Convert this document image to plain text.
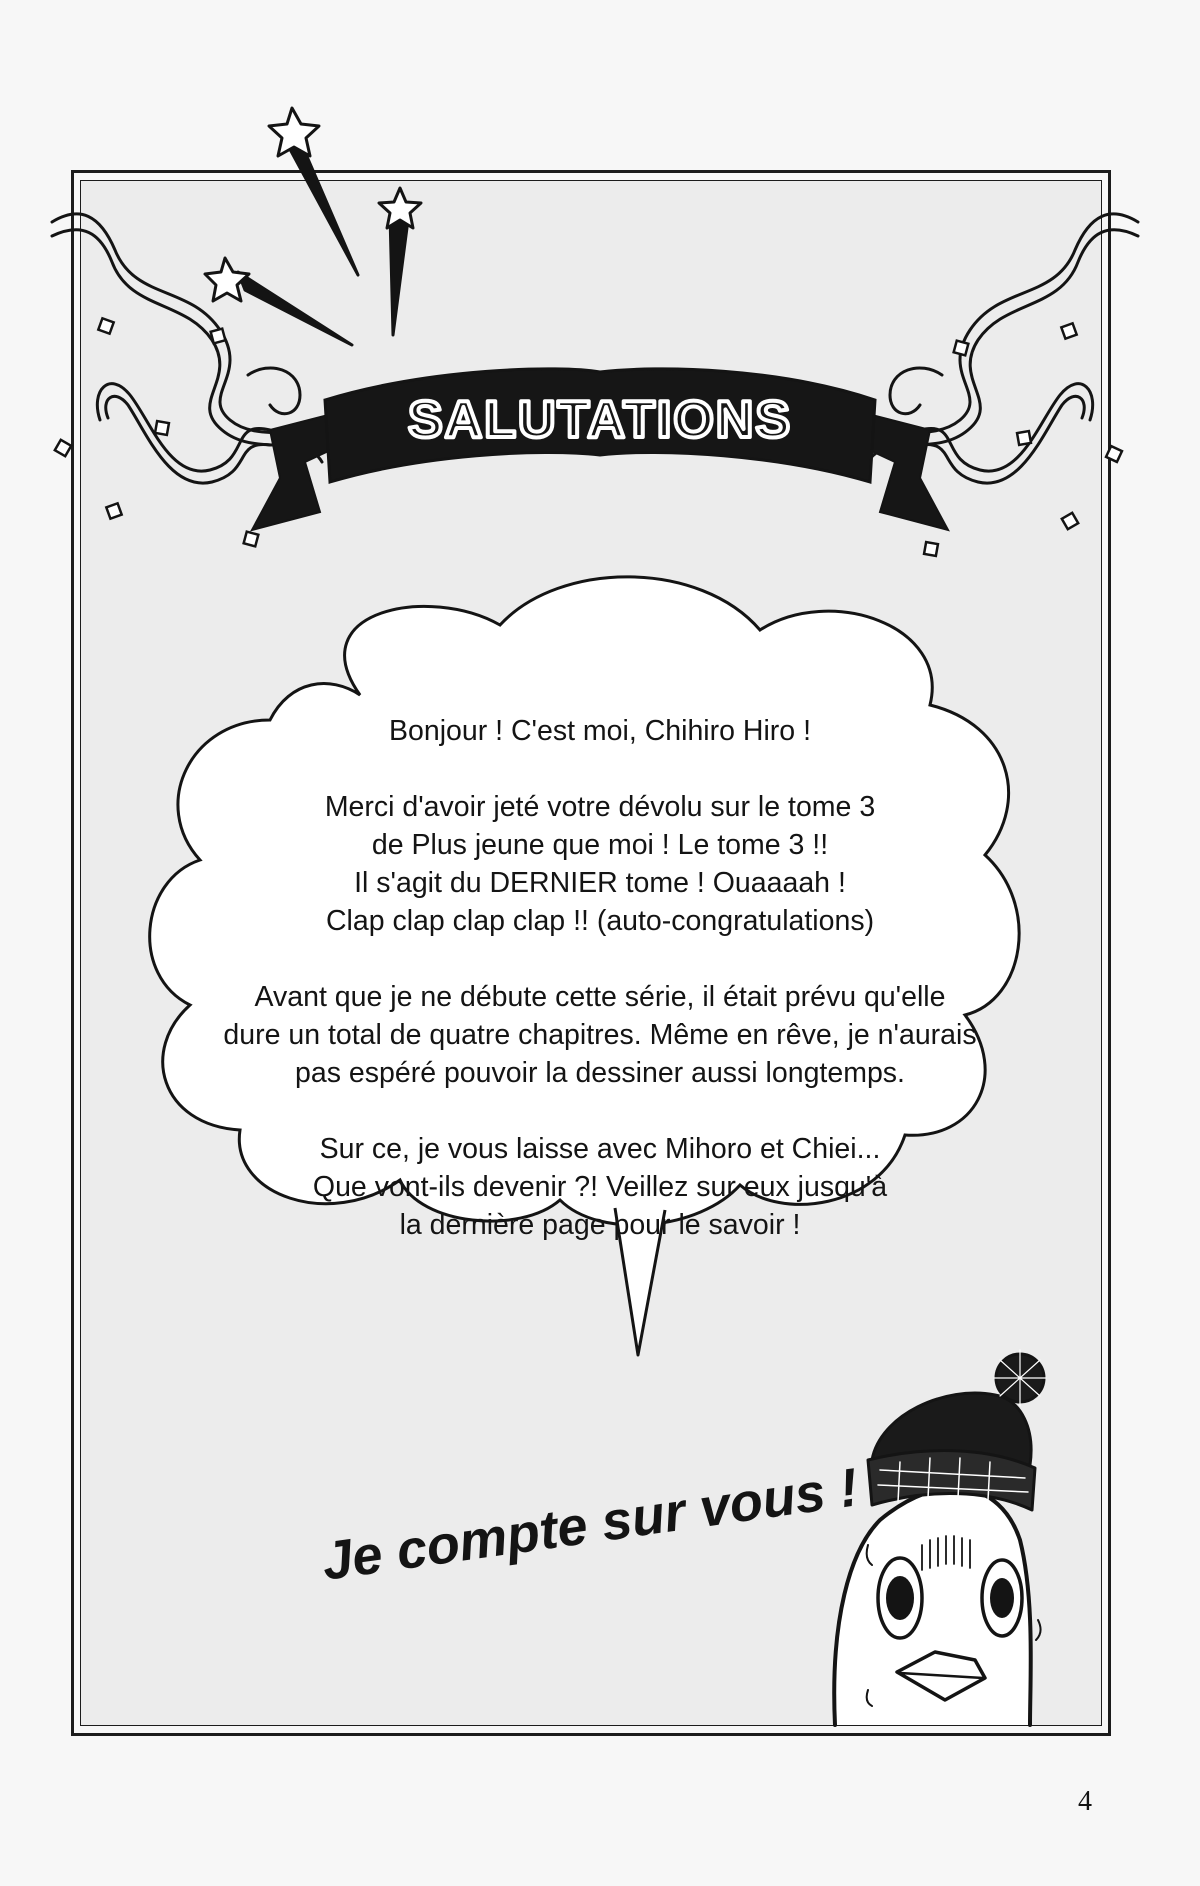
SALUTATIONS
Je compte sur vous !

Bonjour ! C'est moi, Chihiro Hiro !

Merci d'avoir jeté votre dévolu sur le tome 3
de Plus jeune que moi ! Le tome 3 !!
Il s'agit du DERNIER tome ! Ouaaaah !
Clap clap clap clap !! (auto-congratulations)

Avant que je ne débute cette série, il était prévu qu'elle
dure un total de quatre chapitres. Même en rêve, je n'aurais
pas espéré pouvoir la dessiner aussi longtemps.

Sur ce, je vous laisse avec Mihoro et Chiei...
Que vont-ils devenir ?! Veillez sur eux jusqu'à
la dernière page pour le savoir !

4
